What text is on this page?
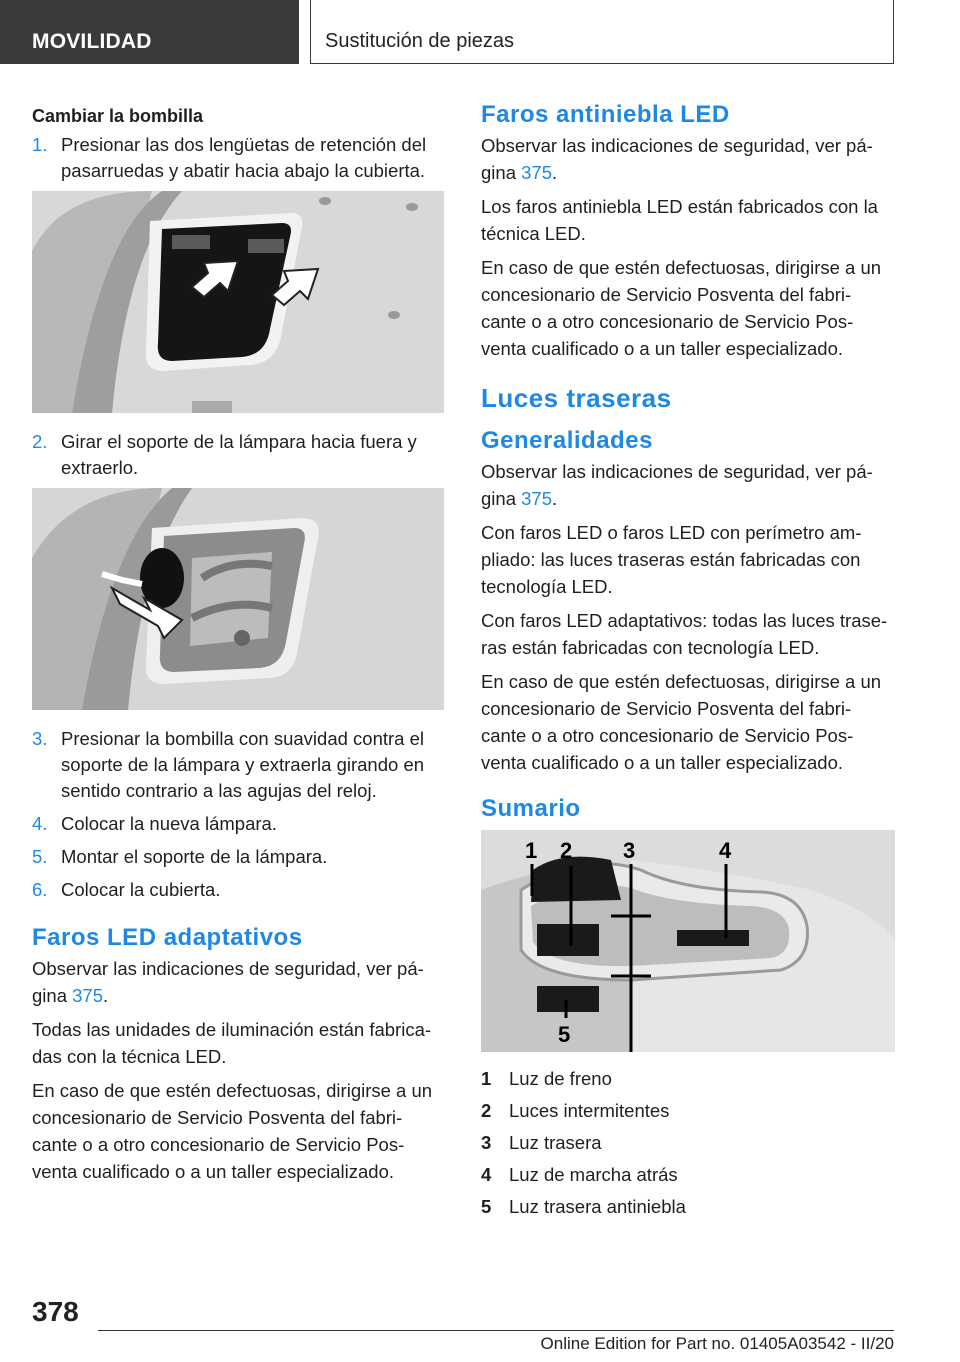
MOVILIDAD	Sustitución de piezas
Cambiar la bombilla
1. Presionar las dos lengüetas de retención del pasarruedas y abatir hacia abajo la cubierta.
2. Girar el soporte de la lámpara hacia fuera y extraerlo.
3. Presionar la bombilla con suavidad contra el soporte de la lámpara y extraerla girando en sentido contrario a las agujas del reloj.
4. Colocar la nueva lámpara.
5. Montar el soporte de la lámpara.
6. Colocar la cubierta.
Faros LED adaptativos

Observar las indicaciones de seguridad, ver pá‐gina 375.

Todas las unidades de iluminación están fabrica‐das con la técnica LED.

En caso de que estén defectuosas, dirigirse a un concesionario de Servicio Posventa del fabri‐cante o a otro concesionario de Servicio Pos‐venta cualificado o a un taller especializado.

Faros antiniebla LED

Observar las indicaciones de seguridad, ver pá‐gina 375.

Los faros antiniebla LED están fabricados con la técnica LED.

En caso de que estén defectuosas, dirigirse a un concesionario de Servicio Posventa del fabri‐cante o a otro concesionario de Servicio Pos‐venta cualificado o a un taller especializado.

Luces traseras
Generalidades

Observar las indicaciones de seguridad, ver pá‐gina 375.

Con faros LED o faros LED con perímetro am‐pliado: las luces traseras están fabricadas con tecnología LED.

Con faros LED adaptativos: todas las luces trase‐ras están fabricadas con tecnología LED.

En caso de que estén defectuosas, dirigirse a un concesionario de Servicio Posventa del fabri‐cante o a otro concesionario de Servicio Pos‐venta cualificado o a un taller especializado.

Sumario
1 2 3	4
5
1 Luz de freno
2 Luces intermitentes
3 Luz trasera
4 Luz de marcha atrás
5 Luz trasera antiniebla
378
Online Edition for Part no. 01405A03542 - II/20
